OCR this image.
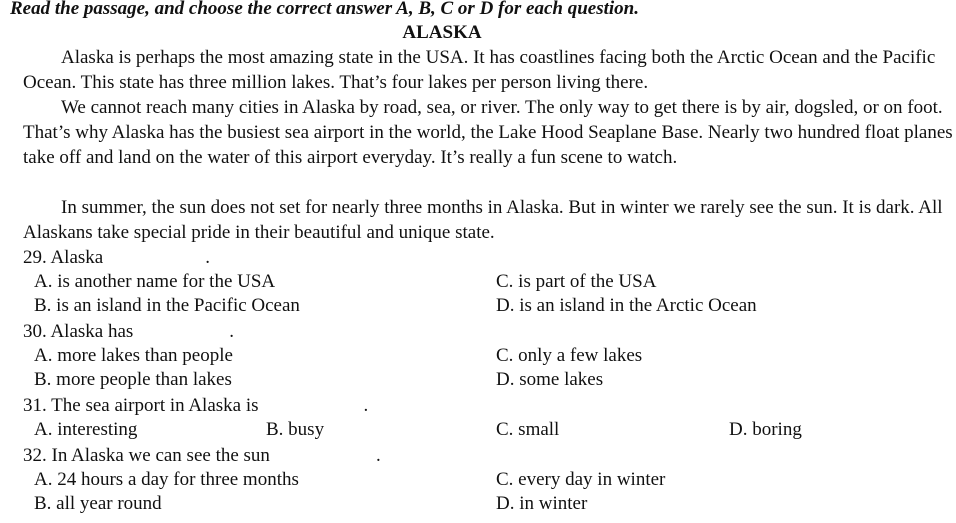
Read the passage, and choose the correct answer A, B, C or D for each question.
ALASKA

Alaska is perhaps the most amazing state in the USA. It has coastlines facing both the Arctic Ocean and the Pacific Ocean. This state has three million lakes. That’s four lakes per person living there.

We cannot reach many cities in Alaska by road, sea, or river. The only way to get there is by air, dogsled, or on foot. That’s why Alaska has the busiest sea airport in the world, the Lake Hood Seaplane Base. Nearly two hundred float planes take off and land on the water of this airport everyday. It’s really a fun scene to watch.

In summer, the sun does not set for nearly three months in Alaska. But in winter we rarely see the sun. It is dark. All Alaskans take special pride in their beautiful and unique state.

29. Alaska	.
A. is another name for the USA
B. is an island in the Pacific Ocean
C. is part of the USA
D. is an island in the Arctic Ocean
30. Alaska has	.
A. more lakes than people
B. more people than lakes
C. only a few lakes
D. some lakes
31. The sea airport in Alaska is	.
A. interesting	B. busy	C. small	D. boring
32. In Alaska we can see the sun	.
A. 24 hours a day for three months
B. all year round
C. every day in winter
D. in winter
